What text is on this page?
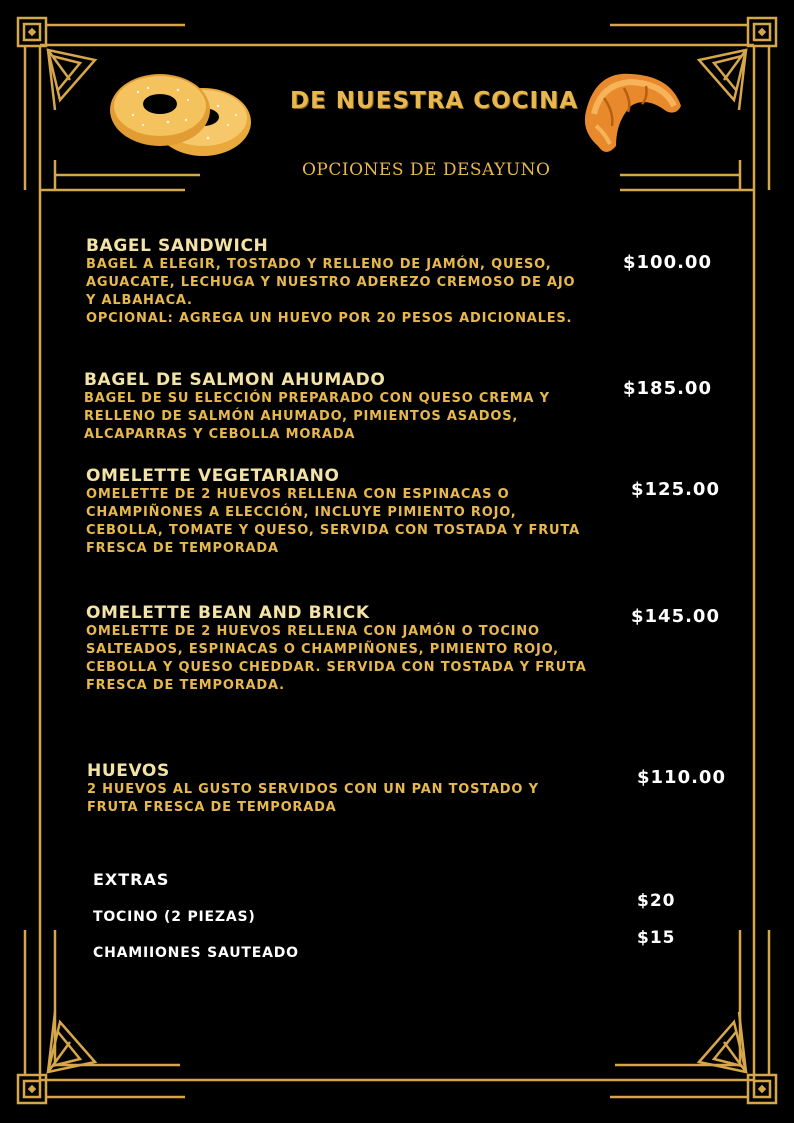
DE NUESTRA COCINA
OPCIONES DE DESAYUNO
BAGEL SANDWICH
BAGEL A ELEGIR, TOSTADO Y RELLENO DE JAMÓN, QUESO,
AGUACATE, LECHUGA Y NUESTRO ADEREZO CREMOSO DE AJO
Y ALBAHACA.
OPCIONAL: AGREGA UN HUEVO POR 20 PESOS ADICIONALES.
$100.00
BAGEL DE SALMON AHUMADO
BAGEL DE SU ELECCIÓN PREPARADO CON QUESO CREMA Y
RELLENO DE SALMÓN AHUMADO, PIMIENTOS ASADOS,
ALCAPARRAS Y CEBOLLA MORADA
$185.00
OMELETTE VEGETARIANO
OMELETTE DE 2 HUEVOS RELLENA CON ESPINACAS O
CHAMPIÑONES A ELECCIÓN, INCLUYE PIMIENTO ROJO,
CEBOLLA, TOMATE Y QUESO, SERVIDA CON TOSTADA Y FRUTA
FRESCA DE TEMPORADA
$125.00
OMELETTE BEAN AND BRICK
OMELETTE DE 2 HUEVOS RELLENA CON JAMÓN O TOCINO
SALTEADOS, ESPINACAS O CHAMPIÑONES, PIMIENTO ROJO,
CEBOLLA Y QUESO CHEDDAR. SERVIDA CON TOSTADA Y FRUTA
FRESCA DE TEMPORADA.
$145.00
HUEVOS
2 HUEVOS AL GUSTO SERVIDOS CON UN PAN TOSTADO Y
FRUTA FRESCA DE TEMPORADA
$110.00
EXTRAS
TOCINO (2 PIEZAS)
CHAMIIONES SAUTEADO
$20
$15
